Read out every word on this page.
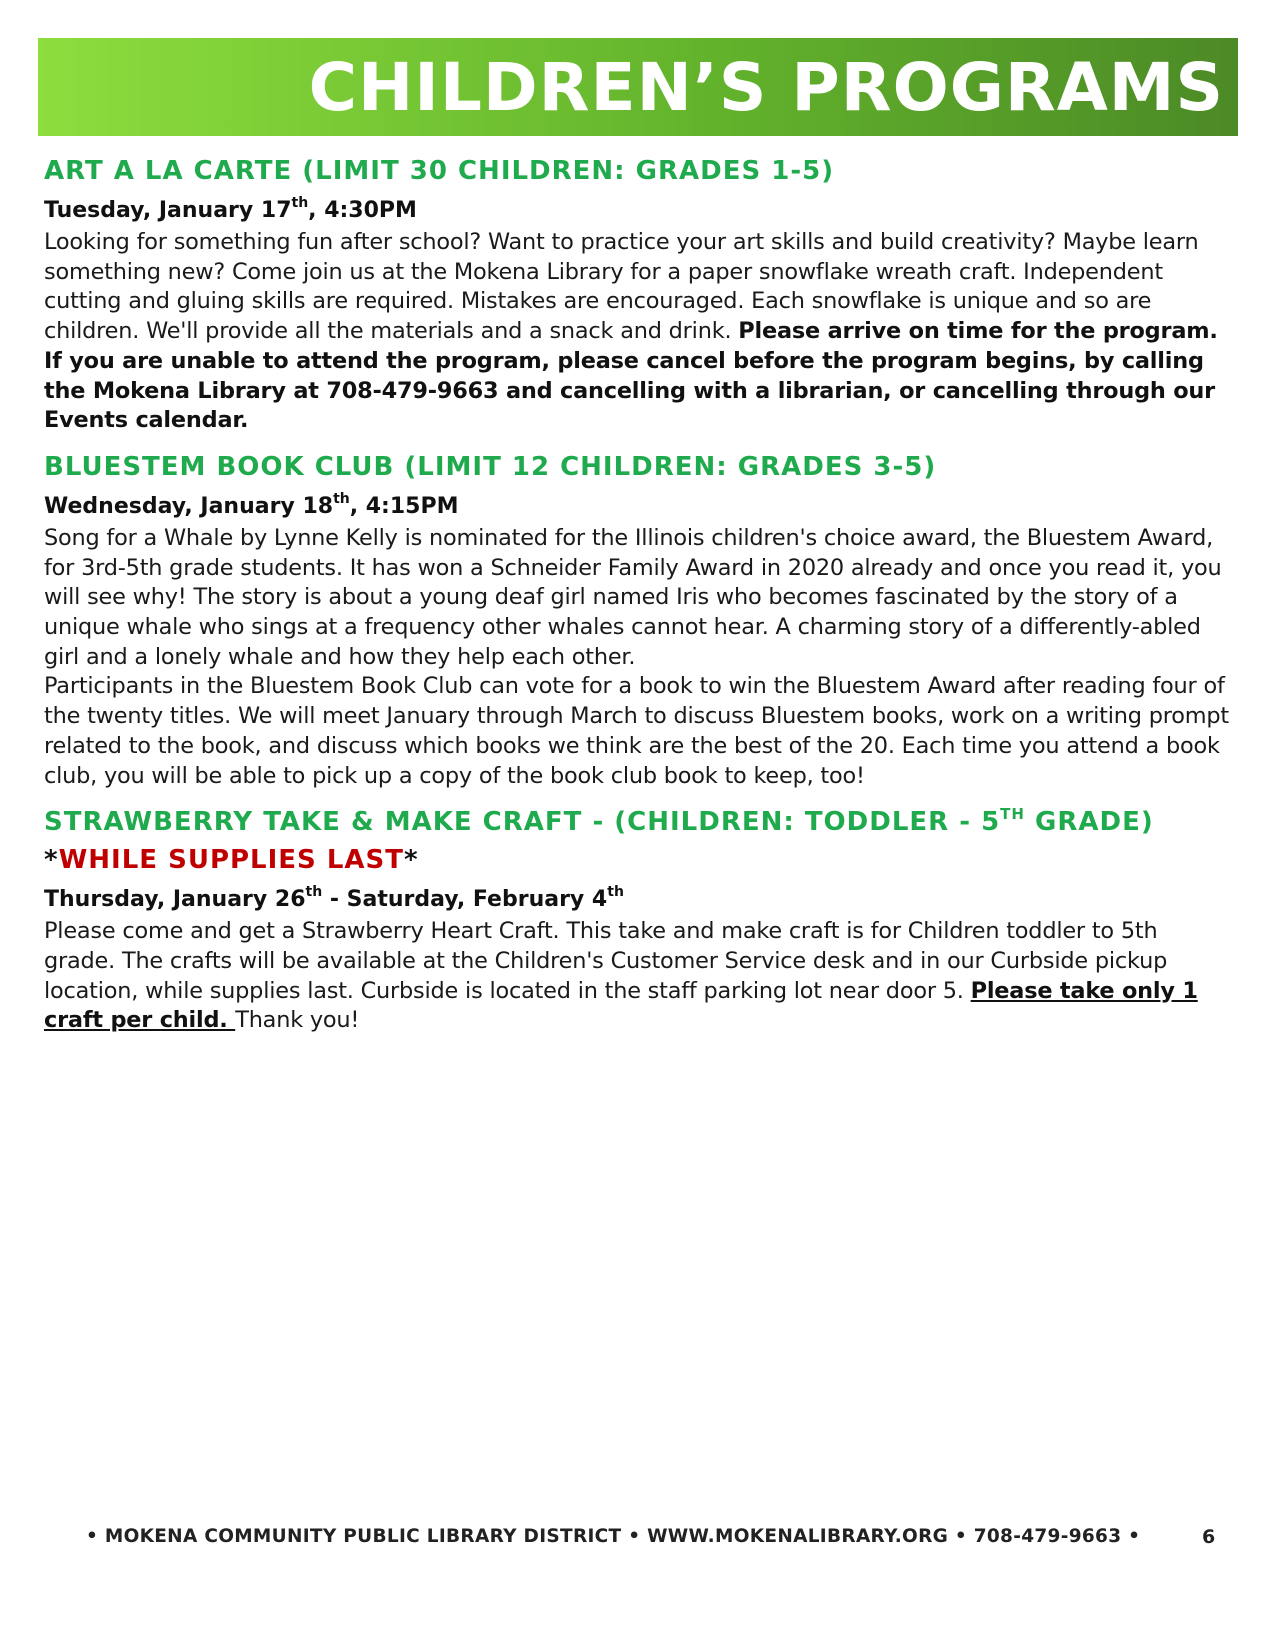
CHILDREN’S PROGRAMS
ART A LA CARTE (LIMIT 30 CHILDREN: GRADES 1-5)
Tuesday, January 17th, 4:30PM

Looking for something fun after school? Want to practice your art skills and build creativity? Maybe learn something new? Come join us at the Mokena Library for a paper snowflake wreath craft. Independent cutting and gluing skills are required. Mistakes are encouraged. Each snowflake is unique and so are children. We'll provide all the materials and a snack and drink. Please arrive on time for the program. If you are unable to attend the program, please cancel before the program begins, by calling the Mokena Library at 708-479-9663 and cancelling with a librarian, or cancelling through our Events calendar.

BLUESTEM BOOK CLUB (LIMIT 12 CHILDREN: GRADES 3-5)
Wednesday, January 18th, 4:15PM

Song for a Whale by Lynne Kelly is nominated for the Illinois children's choice award, the Bluestem Award, for 3rd-5th grade students. It has won a Schneider Family Award in 2020 already and once you read it, you will see why! The story is about a young deaf girl named Iris who becomes fascinated by the story of a unique whale who sings at a frequency other whales cannot hear. A charming story of a differently-abled girl and a lonely whale and how they help each other.

Participants in the Bluestem Book Club can vote for a book to win the Bluestem Award after reading four of the twenty titles. We will meet January through March to discuss Bluestem books, work on a writing prompt related to the book, and discuss which books we think are the best of the 20. Each time you attend a book club, you will be able to pick up a copy of the book club book to keep, too!

STRAWBERRY TAKE & MAKE CRAFT - (CHILDREN: TODDLER - 5TH GRADE)
*WHILE SUPPLIES LAST*
Thursday, January 26th - Saturday, February 4th

Please come and get a Strawberry Heart Craft. This take and make craft is for Children toddler to 5th grade. The crafts will be available at the Children's Customer Service desk and in our Curbside pickup location, while supplies last. Curbside is located in the staff parking lot near door 5. Please take only 1 craft per child. Thank you!

• MOKENA COMMUNITY PUBLIC LIBRARY DISTRICT • WWW.MOKENALIBRARY.ORG • 708-479-9663 •	6
